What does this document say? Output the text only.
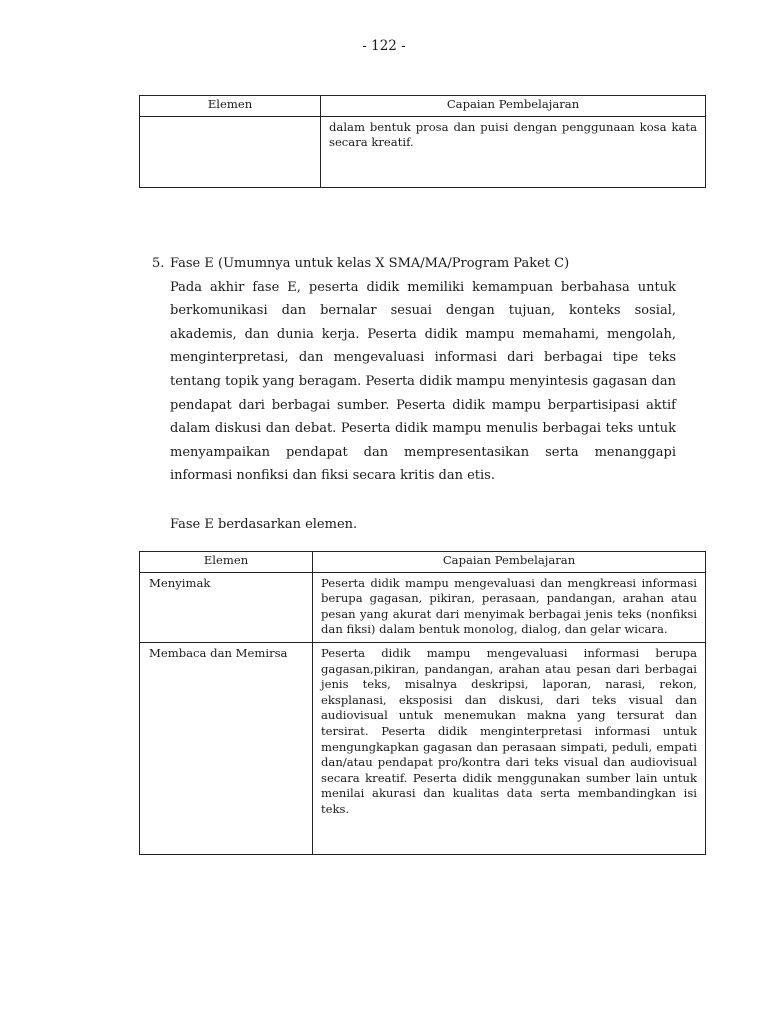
- 122 -
Elemen	Capaian Pembelajaran
	dalam bentuk prosa dan puisi dengan penggunaan kosa kata secara kreatif.

5. Fase E (Umumnya untuk kelas X SMA/MA/Program Paket C)

Pada akhir fase E, peserta didik memiliki kemampuan berbahasa untuk berkomunikasi dan bernalar sesuai dengan tujuan, konteks sosial, akademis, dan dunia kerja. Peserta didik mampu memahami, mengolah, menginterpretasi, dan mengevaluasi informasi dari berbagai tipe teks tentang topik yang beragam. Peserta didik mampu menyintesis gagasan dan pendapat dari berbagai sumber. Peserta didik mampu berpartisipasi aktif dalam diskusi dan debat. Peserta didik mampu menulis berbagai teks untuk menyampaikan pendapat dan mempresentasikan serta menanggapi informasi nonfiksi dan fiksi secara kritis dan etis.

Fase E berdasarkan elemen.
Elemen	Capaian Pembelajaran
Menyimak	Peserta didik mampu mengevaluasi dan mengkreasi informasi berupa gagasan, pikiran, perasaan, pandangan, arahan atau pesan yang akurat dari menyimak berbagai jenis teks (nonfiksi dan fiksi) dalam bentuk monolog, dialog, dan gelar wicara.
Membaca dan Memirsa	Peserta didik mampu mengevaluasi informasi berupa gagasan,pikiran, pandangan, arahan atau pesan dari berbagai jenis teks, misalnya deskripsi, laporan, narasi, rekon, eksplanasi, eksposisi dan diskusi, dari teks visual dan audiovisual untuk menemukan makna yang tersurat dan tersirat. Peserta didik menginterpretasi informasi untuk mengungkapkan gagasan dan perasaan simpati, peduli, empati dan/atau pendapat pro/kontra dari teks visual dan audiovisual secara kreatif. Peserta didik menggunakan sumber lain untuk menilai akurasi dan kualitas data serta membandingkan isi teks.
